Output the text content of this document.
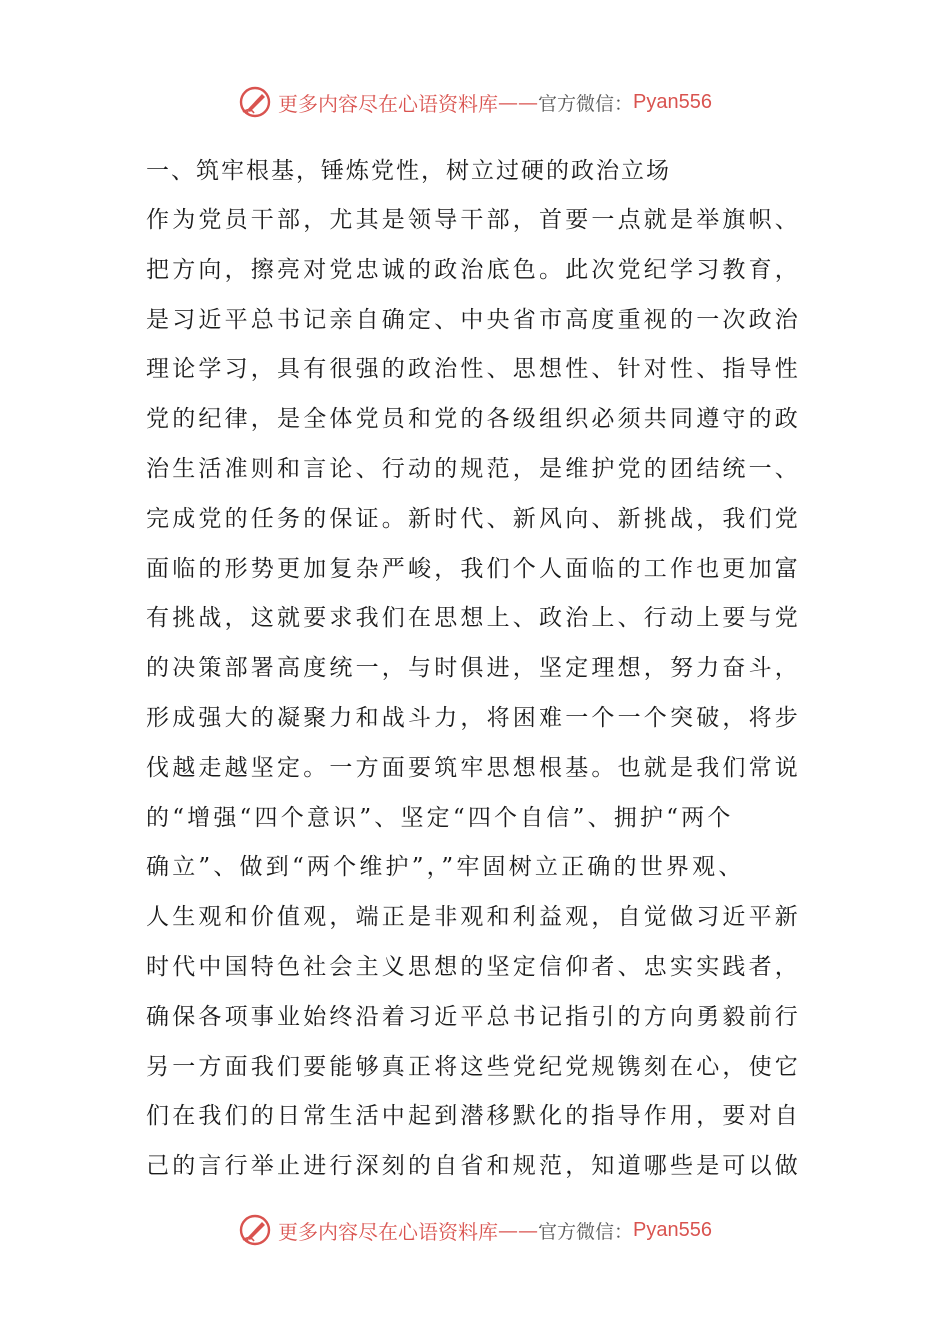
更多内容尽在心语资料库 —— 官方微信： Pyan556
一、筑牢根基，锤炼党性，树立过硬的政治立场
作为党员干部，尤其是领导干部，首要一点就是举旗帜、
把方向，擦亮对党忠诚的政治底色。此次党纪学习教育，
是习近平总书记亲自确定、中央省市高度重视的一次政治
理论学习，具有很强的政治性、思想性、针对性、指导性
党的纪律，是全体党员和党的各级组织必须共同遵守的政
治生活准则和言论、行动的规范，是维护党的团结统一、
完成党的任务的保证。新时代、新风向、新挑战，我们党
面临的形势更加复杂严峻，我们个人面临的工作也更加富
有挑战，这就要求我们在思想上、政治上、行动上要与党
的决策部署高度统一，与时俱进，坚定理想，努力奋斗，
形成强大的凝聚力和战斗力，将困难一个一个突破，将步
伐越走越坚定。一方面要筑牢思想根基。也就是我们常说
的“增强“四个意识”、坚定“四个自信”、拥护“两个
确立”、做到“两个维护”，”牢固树立正确的世界观、
人生观和价值观，端正是非观和利益观，自觉做习近平新
时代中国特色社会主义思想的坚定信仰者、忠实实践者，
确保各项事业始终沿着习近平总书记指引的方向勇毅前行
另一方面我们要能够真正将这些党纪党规镌刻在心，使它
们在我们的日常生活中起到潜移默化的指导作用，要对自
己的言行举止进行深刻的自省和规范，知道哪些是可以做
更多内容尽在心语资料库 —— 官方微信： Pyan556
